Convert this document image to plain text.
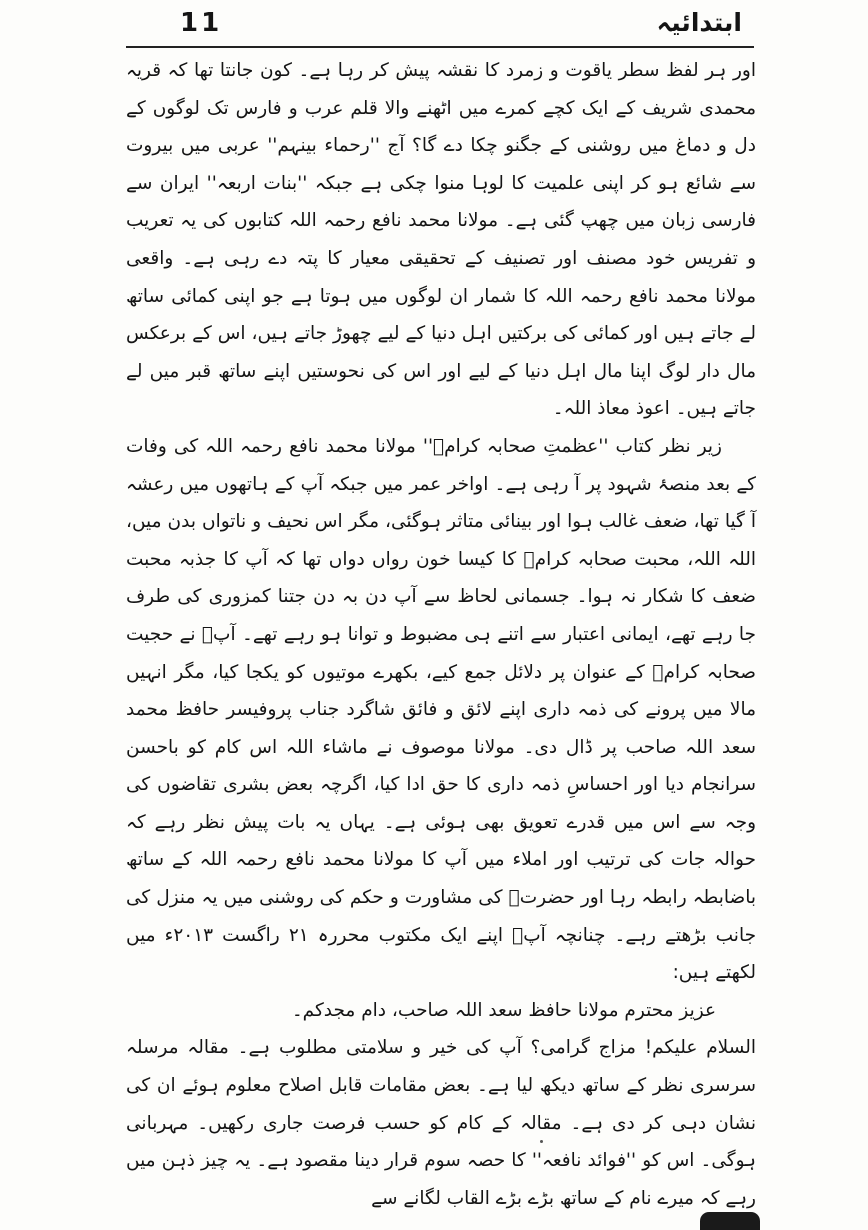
ابتدائیہ
11

اور ہر لفظ سطر یاقوت و زمرد کا نقشہ پیش کر رہا ہے۔ کون جانتا تھا کہ قریہ محمدی شریف کے ایک کچے کمرے میں اٹھنے والا قلم عرب و فارس تک لوگوں کے دل و دماغ میں روشنی کے جگنو چکا دے گا؟ آج ''رحماء بینہم'' عربی میں بیروت سے شائع ہو کر اپنی علمیت کا لوہا منوا چکی ہے جبکہ ''بنات اربعہ'' ایران سے فارسی زبان میں چھپ گئی ہے۔ مولانا محمد نافع رحمہ اللہ کتابوں کی یہ تعریب و تفریس خود مصنف اور تصنیف کے تحقیقی معیار کا پتہ دے رہی ہے۔ واقعی مولانا محمد نافع رحمہ اللہ کا شمار ان لوگوں میں ہوتا ہے جو اپنی کمائی ساتھ لے جاتے ہیں اور کمائی کی برکتیں اہل دنیا کے لیے چھوڑ جاتے ہیں، اس کے برعکس مال دار لوگ اپنا مال اہل دنیا کے لیے اور اس کی نحوستیں اپنے ساتھ قبر میں لے جاتے ہیں۔ اعوذ معاذ اللہ۔

زیر نظر کتاب ''عظمتِ صحابہ کرامؓ'' مولانا محمد نافع رحمہ اللہ کی وفات کے بعد منصۂ شہود پر آ رہی ہے۔ اواخر عمر میں جبکہ آپ کے ہاتھوں میں رعشہ آ گیا تھا، ضعف غالب ہوا اور بینائی متاثر ہوگئی، مگر اس نحیف و ناتواں بدن میں، اللہ اللہ، محبت صحابہ کرامؓ کا کیسا خون رواں دواں تھا کہ آپ کا جذبہ محبت ضعف کا شکار نہ ہوا۔ جسمانی لحاظ سے آپ دن بہ دن جتنا کمزوری کی طرف جا رہے تھے، ایمانی اعتبار سے اتنے ہی مضبوط و توانا ہو رہے تھے۔ آپؒ نے حجیت صحابہ کرامؓ کے عنوان پر دلائل جمع کیے، بکھرے موتیوں کو یکجا کیا، مگر انہیں مالا میں پرونے کی ذمہ داری اپنے لائق و فائق شاگرد جناب پروفیسر حافظ محمد سعد اللہ صاحب پر ڈال دی۔ مولانا موصوف نے ماشاء اللہ اس کام کو باحسن سرانجام دیا اور احساسِ ذمہ داری کا حق ادا کیا، اگرچہ بعض بشری تقاضوں کی وجہ سے اس میں قدرے تعویق بھی ہوئی ہے۔ یہاں یہ بات پیش نظر رہے کہ حوالہ جات کی ترتیب اور املاء میں آپ کا مولانا محمد نافع رحمہ اللہ کے ساتھ باضابطہ رابطہ رہا اور حضرتؒ کی مشاورت و حکم کی روشنی میں یہ منزل کی جانب بڑھتے رہے۔ چنانچہ آپؒ اپنے ایک مکتوب محررہ ۲۱ راگست ۲۰۱۳ء میں لکھتے ہیں:

عزیز محترم مولانا حافظ سعد اللہ صاحب، دام مجدکم۔

السلام علیکم! مزاج گرامی؟ آپ کی خیر و سلامتی مطلوب ہے۔ مقالہ مرسلہ سرسری نظر کے ساتھ دیکھ لیا ہے۔ بعض مقامات قابل اصلاح معلوم ہوئے ان کی نشان دہی کر دی ہے۔ مقالہ کے کام کو حسب فرصت جاری رکھیں۔ مہربانی ہوگی۔ اس کو ''فوائد نافعہ'' کا حصہ سوم قرار دینا مقصود ہے۔ یہ چیز ذہن میں رہے کہ میرے نام کے ساتھ بڑے بڑے القاب لگانے سے
